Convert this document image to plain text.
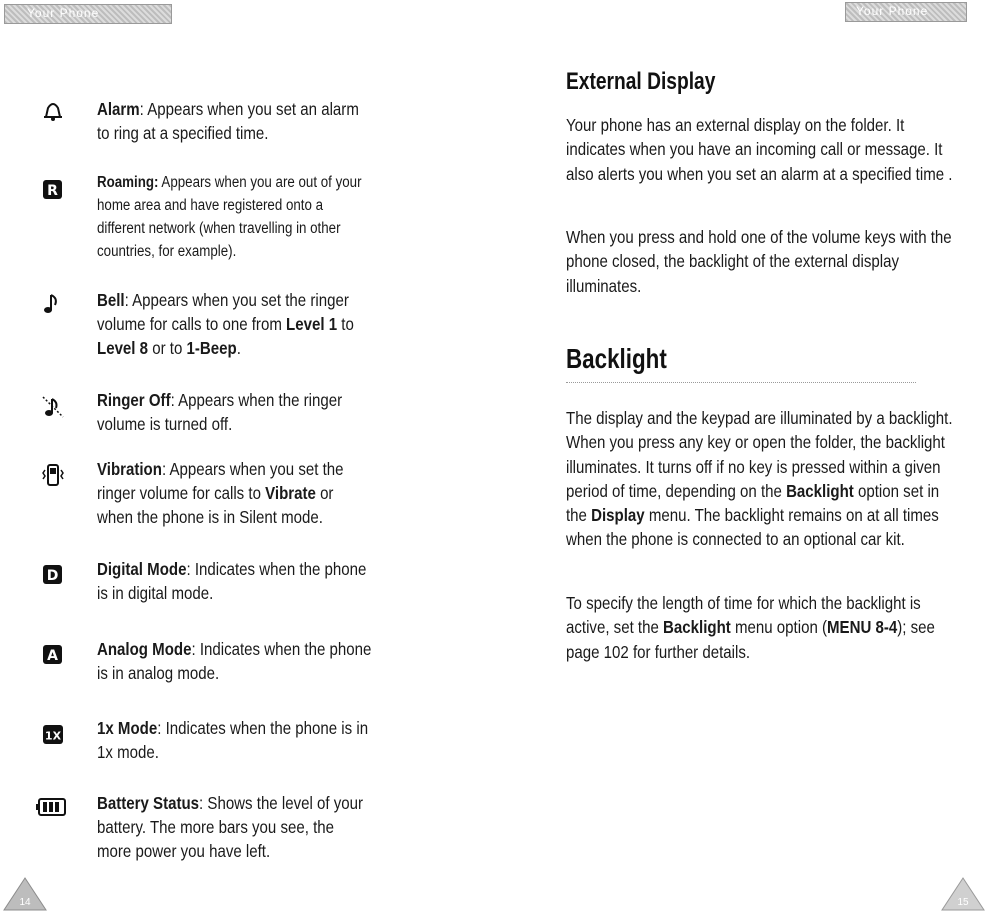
Your Phone	Your Phone
R
D
A
1X
Alarm: Appears when you set an alarm to ring at a specified time.
Roaming: Appears when you are out of your home area and have registered onto a different network (when travelling in other countries, for example).
Bell: Appears when you set the ringer volume for calls to one from Level 1 to Level 8 or to 1-Beep.
Ringer Off: Appears when the ringer volume is turned off.
Vibration: Appears when you set the ringer volume for calls to Vibrate or when the phone is in Silent mode.
Digital Mode: Indicates when the phone is in digital mode.
Analog Mode: Indicates when the phone is in analog mode.
1x Mode: Indicates when the phone is in 1x mode.
Battery Status: Shows the level of your battery. The more bars you see, the more power you have left.
External Display
Your phone has an external display on the folder. It indicates when you have an incoming call or message. It also alerts you when you set an alarm at a specified time .
When you press and hold one of the volume keys with the phone closed, the backlight of the external display illuminates.
Backlight
The display and the keypad are illuminated by a backlight. When you press any key or open the folder, the backlight illuminates. It turns off if no key is pressed within a given period of time, depending on the Backlight option set in the Display menu. The backlight remains on at all times when the phone is connected to an optional car kit.
To specify the length of time for which the backlight is active, set the Backlight menu option (MENU 8-4); see page 102 for further details.
14	15
